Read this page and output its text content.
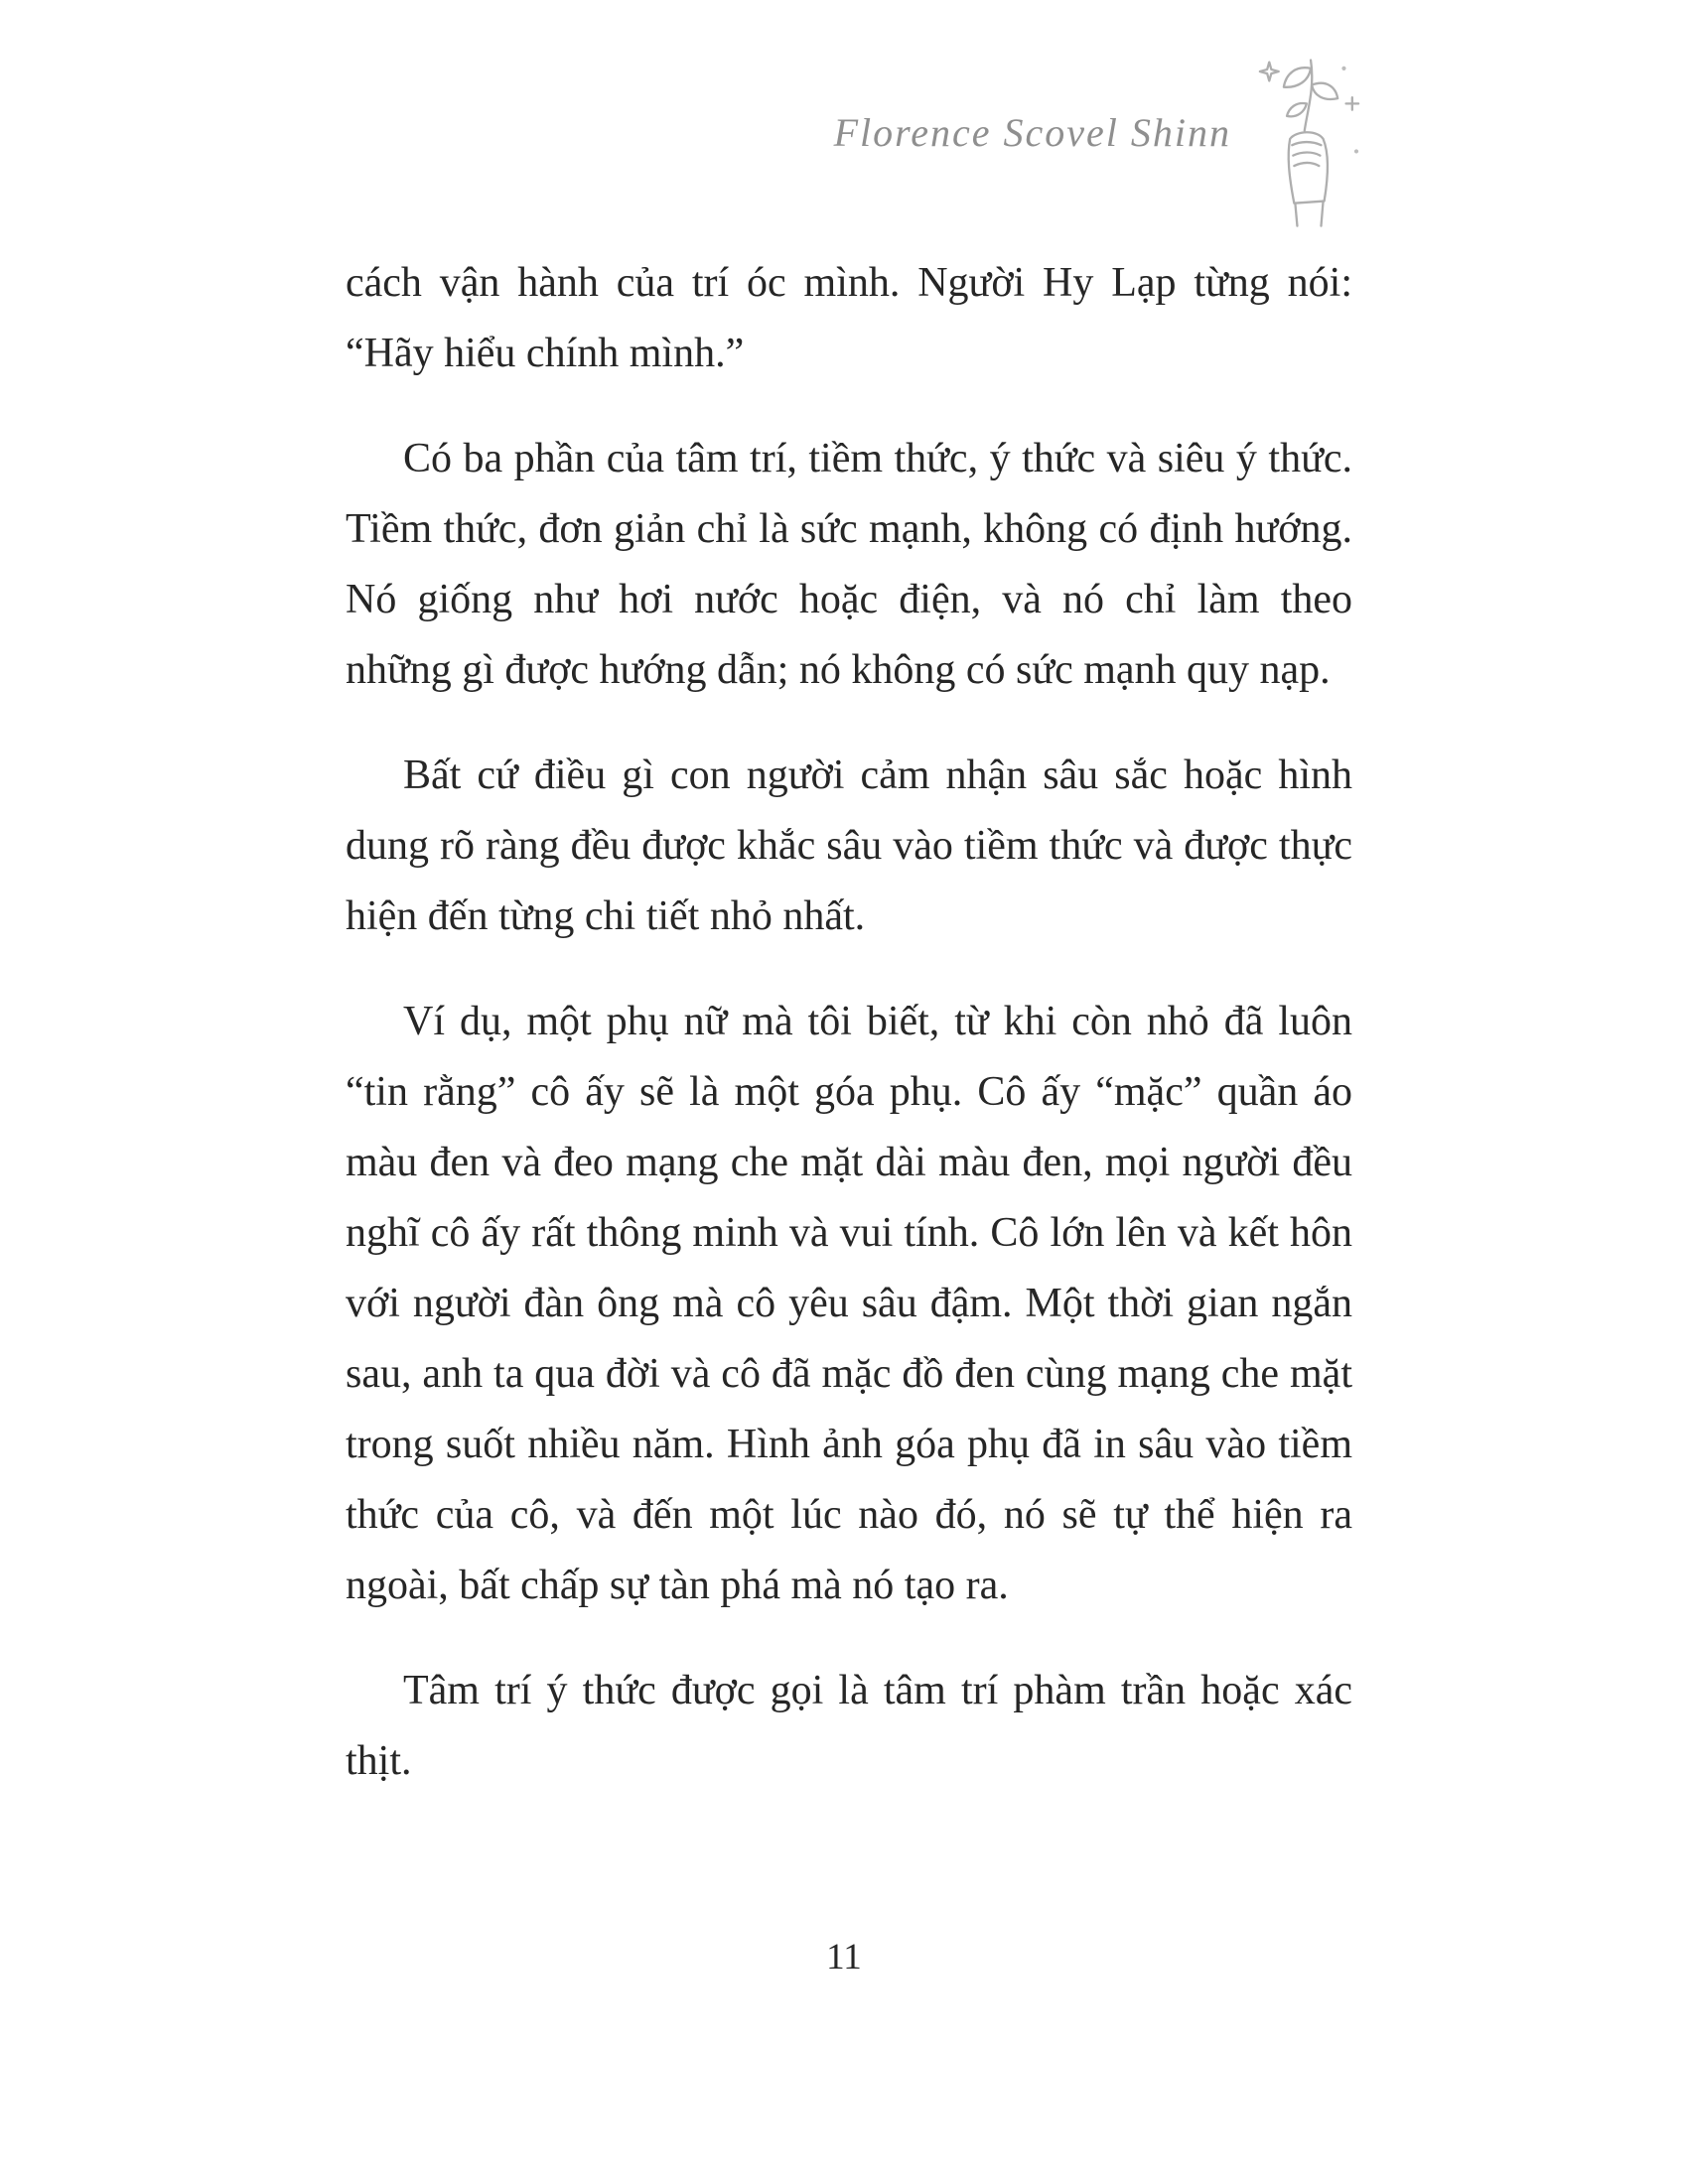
Florence Scovel Shinn

cách vận hành của trí óc mình. Người Hy Lạp từng nói: “Hãy hiểu chính mình.”

Có ba phần của tâm trí, tiềm thức, ý thức và siêu ý thức. Tiềm thức, đơn giản chỉ là sức mạnh, không có định hướng. Nó giống như hơi nước hoặc điện, và nó chỉ làm theo những gì được hướng dẫn; nó không có sức mạnh quy nạp.

Bất cứ điều gì con người cảm nhận sâu sắc hoặc hình dung rõ ràng đều được khắc sâu vào tiềm thức và được thực hiện đến từng chi tiết nhỏ nhất.

Ví dụ, một phụ nữ mà tôi biết, từ khi còn nhỏ đã luôn “tin rằng” cô ấy sẽ là một góa phụ. Cô ấy “mặc” quần áo màu đen và đeo mạng che mặt dài màu đen, mọi người đều nghĩ cô ấy rất thông minh và vui tính. Cô lớn lên và kết hôn với người đàn ông mà cô yêu sâu đậm. Một thời gian ngắn sau, anh ta qua đời và cô đã mặc đồ đen cùng mạng che mặt trong suốt nhiều năm. Hình ảnh góa phụ đã in sâu vào tiềm thức của cô, và đến một lúc nào đó, nó sẽ tự thể hiện ra ngoài, bất chấp sự tàn phá mà nó tạo ra.

Tâm trí ý thức được gọi là tâm trí phàm trần hoặc xác thịt.

11
